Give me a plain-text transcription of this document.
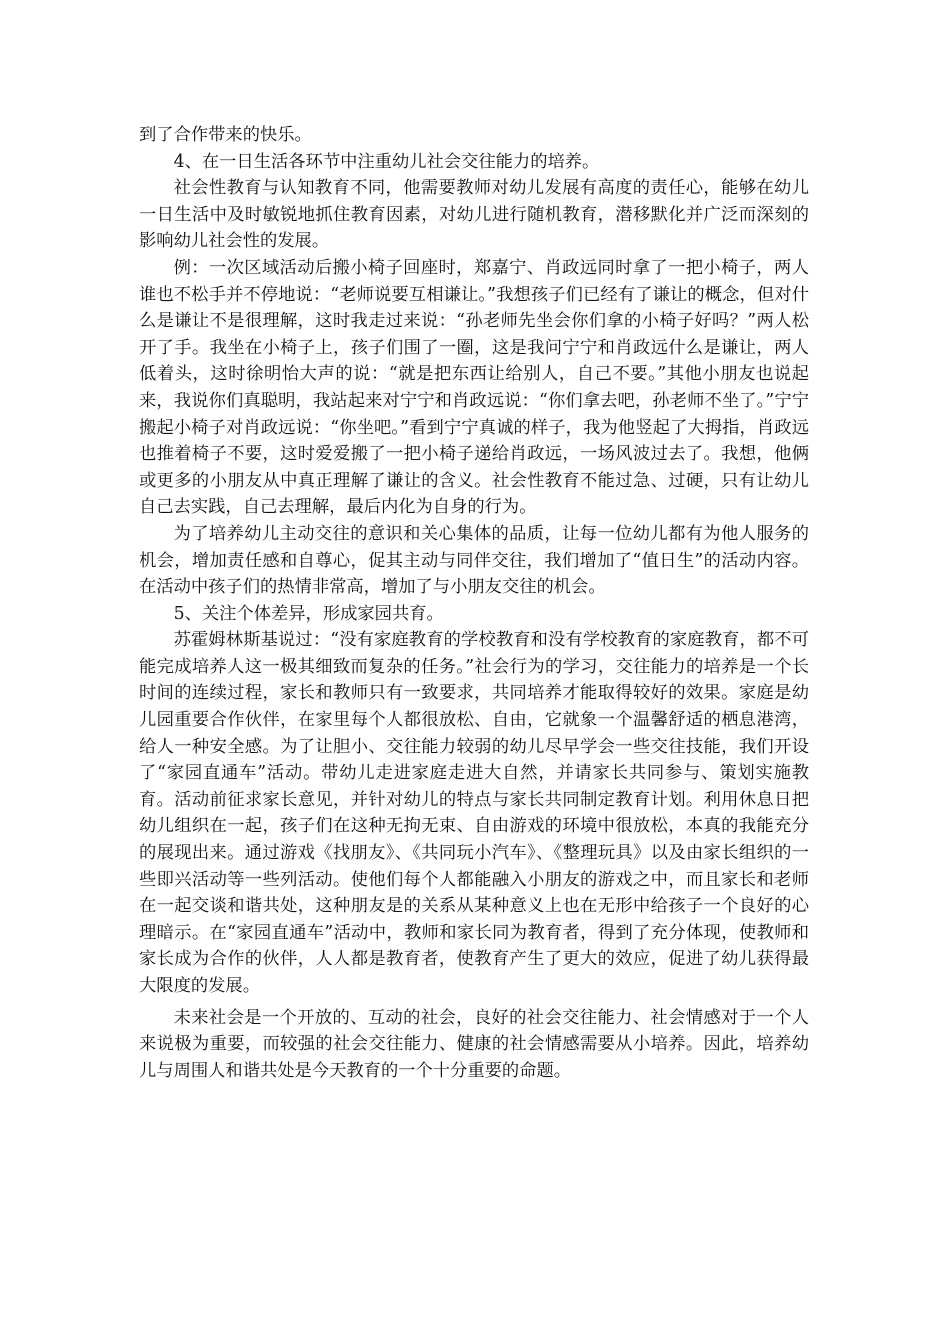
到了合作带来的快乐。

4、在一日生活各环节中注重幼儿社会交往能力的培养。

社会性教育与认知教育不同，他需要教师对幼儿发展有高度的责任心，能够在幼儿一日生活中及时敏锐地抓住教育因素，对幼儿进行随机教育，潜移默化并广泛而深刻的影响幼儿社会性的发展。

例：一次区域活动后搬小椅子回座时，郑嘉宁、肖政远同时拿了一把小椅子，两人谁也不松手并不停地说：“老师说要互相谦让。”我想孩子们已经有了谦让的概念，但对什么是谦让不是很理解，这时我走过来说：“孙老师先坐会你们拿的小椅子好吗？”两人松开了手。我坐在小椅子上，孩子们围了一圈，这是我问宁宁和肖政远什么是谦让，两人低着头，这时徐明怡大声的说：“就是把东西让给别人，自己不要。”其他小朋友也说起来，我说你们真聪明，我站起来对宁宁和肖政远说：“你们拿去吧，孙老师不坐了。”宁宁搬起小椅子对肖政远说：“你坐吧。”看到宁宁真诚的样子，我为他竖起了大拇指，肖政远也推着椅子不要，这时爱爱搬了一把小椅子递给肖政远，一场风波过去了。我想，他俩或更多的小朋友从中真正理解了谦让的含义。社会性教育不能过急、过硬，只有让幼儿自己去实践，自己去理解，最后内化为自身的行为。

为了培养幼儿主动交往的意识和关心集体的品质，让每一位幼儿都有为他人服务的机会，增加责任感和自尊心，促其主动与同伴交往，我们增加了“值日生”的活动内容。在活动中孩子们的热情非常高，增加了与小朋友交往的机会。

5、关注个体差异，形成家园共育。

苏霍姆林斯基说过：“没有家庭教育的学校教育和没有学校教育的家庭教育，都不可能完成培养人这一极其细致而复杂的任务。”社会行为的学习，交往能力的培养是一个长时间的连续过程，家长和教师只有一致要求，共同培养才能取得较好的效果。家庭是幼儿园重要合作伙伴，在家里每个人都很放松、自由，它就象一个温馨舒适的栖息港湾，给人一种安全感。为了让胆小、交往能力较弱的幼儿尽早学会一些交往技能，我们开设了“家园直通车”活动。带幼儿走进家庭走进大自然，并请家长共同参与、策划实施教育。活动前征求家长意见，并针对幼儿的特点与家长共同制定教育计划。利用休息日把幼儿组织在一起，孩子们在这种无拘无束、自由游戏的环境中很放松，本真的我能充分的展现出来。通过游戏《找朋友》、《共同玩小汽车》、《整理玩具》以及由家长组织的一些即兴活动等一些列活动。使他们每个人都能融入小朋友的游戏之中，而且家长和老师在一起交谈和谐共处，这种朋友是的关系从某种意义上也在无形中给孩子一个良好的心理暗示。在“家园直通车”活动中，教师和家长同为教育者，得到了充分体现，使教师和家长成为合作的伙伴，人人都是教育者，使教育产生了更大的效应，促进了幼儿获得最大限度的发展。

未来社会是一个开放的、互动的社会，良好的社会交往能力、社会情感对于一个人来说极为重要，而较强的社会交往能力、健康的社会情感需要从小培养。因此，培养幼儿与周围人和谐共处是今天教育的一个十分重要的命题。
